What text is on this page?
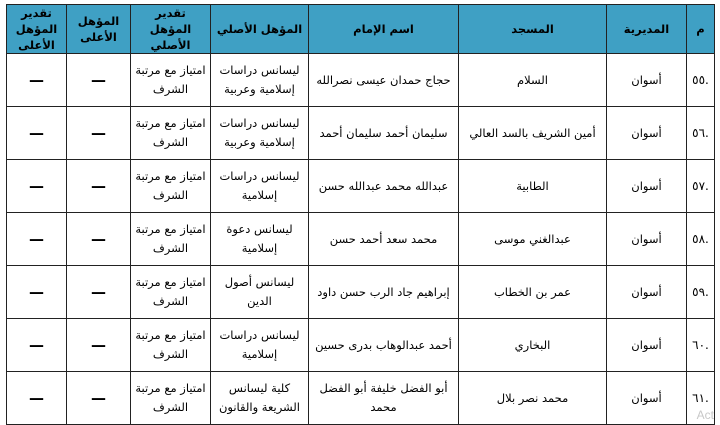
م	المديرية	المسجد	اسم الإمام	المؤهل الأصلي	تقدير المؤهل الأصلي	المؤهل الأعلى	تقدير المؤهل الأعلى
.٥٥	أسوان	السلام	حجاج حمدان عيسى نصرالله	ليسانس دراسات إسلامية وعربية	امتياز مع مرتبة الشرف	—	—
.٥٦	أسوان	أمين الشريف بالسد العالي	سليمان أحمد سليمان أحمد	ليسانس دراسات إسلامية وعربية	امتياز مع مرتبة الشرف	—	—
.٥٧	أسوان	الطابية	عبدالله محمد عبدالله حسن	ليسانس دراسات إسلامية	امتياز مع مرتبة الشرف	—	—
.٥٨	أسوان	عبدالغني موسى	محمد سعد أحمد حسن	ليسانس دعوة إسلامية	امتياز مع مرتبة الشرف	—	—
.٥٩	أسوان	عمر بن الخطاب	إبراهيم جاد الرب حسن داود	ليسانس أصول الدين	امتياز مع مرتبة الشرف	—	—
.٦٠	أسوان	البخاري	أحمد عبدالوهاب بدرى حسين	ليسانس دراسات إسلامية	امتياز مع مرتبة الشرف	—	—
.٦١	أسوان	محمد نصر بلال	أبو الفضل خليفة أبو الفضل محمد	كلية ليسانس الشريعة والقانون	امتياز مع مرتبة الشرف	—	—
Act
